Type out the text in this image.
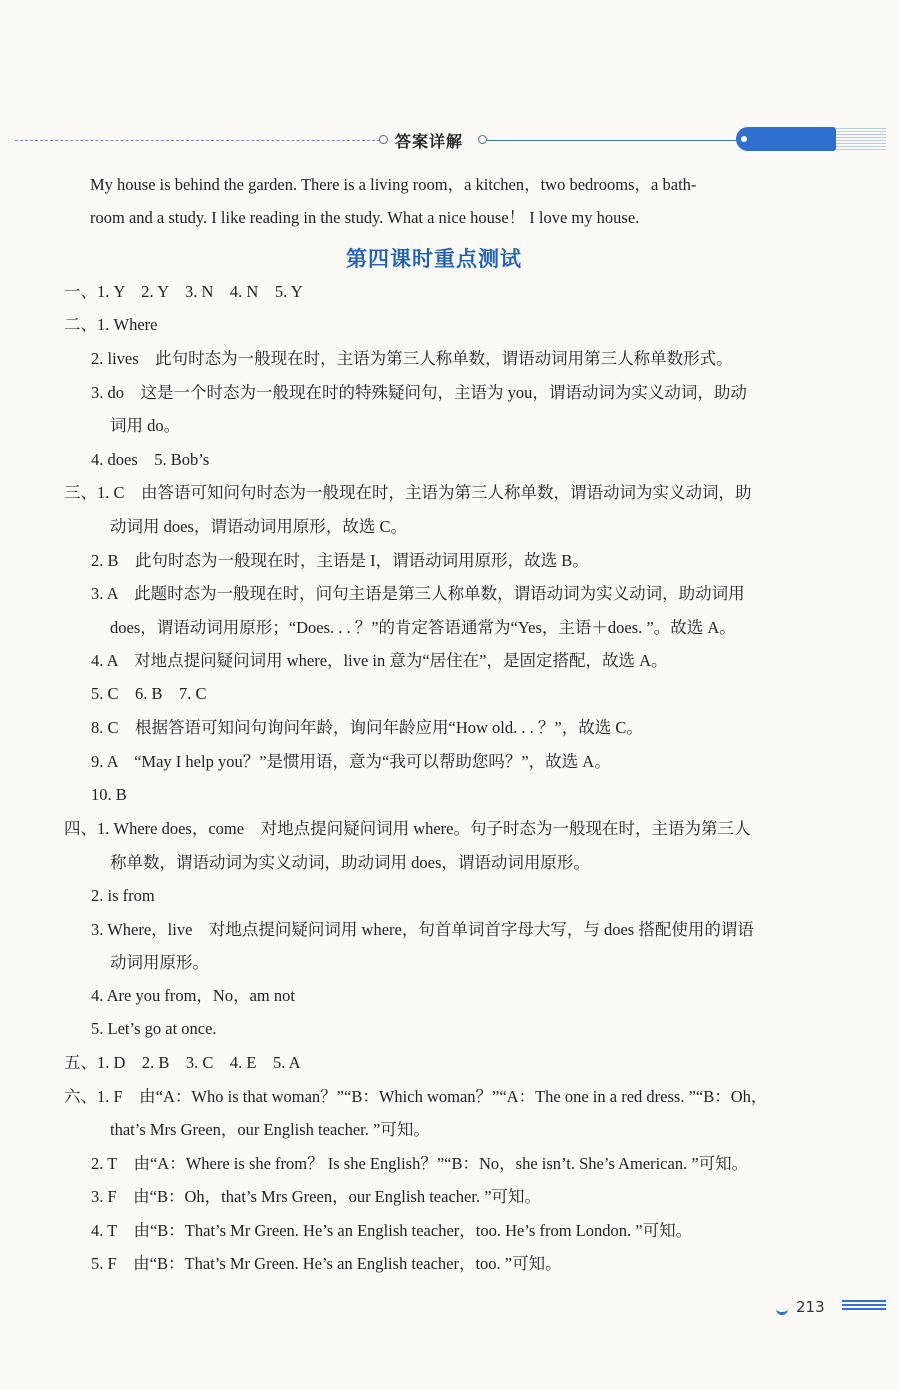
答案详解
My house is behind the garden. There is a living room，a kitchen，two bedrooms，a bath-
room and a study. I like reading in the study. What a nice house！ I love my house.
第四课时重点测试
一、1. Y　2. Y　3. N　4. N　5. Y
二、1. Where
2. lives　此句时态为一般现在时，主语为第三人称单数，谓语动词用第三人称单数形式。
3. do　这是一个时态为一般现在时的特殊疑问句，主语为 you，谓语动词为实义动词，助动
词用 do。
4. does　5. Bob’s
三、1. C　由答语可知问句时态为一般现在时，主语为第三人称单数，谓语动词为实义动词，助
动词用 does，谓语动词用原形，故选 C。
2. B　此句时态为一般现在时，主语是 I，谓语动词用原形，故选 B。
3. A　此题时态为一般现在时，问句主语是第三人称单数，谓语动词为实义动词，助动词用
does，谓语动词用原形；“Does. . . ？”的肯定答语通常为“Yes，主语＋does. ”。故选 A。
4. A　对地点提问疑问词用 where，live in 意为“居住在”，是固定搭配，故选 A。
5. C　6. B　7. C
8. C　根据答语可知问句询问年龄，询问年龄应用“How old. . . ？”，故选 C。
9. A　“May I help you？”是惯用语，意为“我可以帮助您吗？”，故选 A。
10. B
四、1. Where does，come　对地点提问疑问词用 where。句子时态为一般现在时，主语为第三人
称单数，谓语动词为实义动词，助动词用 does，谓语动词用原形。
2. is from
3. Where，live　对地点提问疑问词用 where，句首单词首字母大写，与 does 搭配使用的谓语
动词用原形。
4. Are you from，No，am not
5. Let’s go at once.
五、1. D　2. B　3. C　4. E　5. A
六、1. F　由“A：Who is that woman？”“B：Which woman？”“A：The one in a red dress. ”“B：Oh，
that’s Mrs Green，our English teacher. ”可知。
2. T　由“A：Where is she from？ Is she English？”“B：No，she isn’t. She’s American. ”可知。
3. F　由“B：Oh，that’s Mrs Green，our English teacher. ”可知。
4. T　由“B：That’s Mr Green. He’s an English teacher，too. He’s from London. ”可知。
5. F　由“B：That’s Mr Green. He’s an English teacher，too. ”可知。
213
